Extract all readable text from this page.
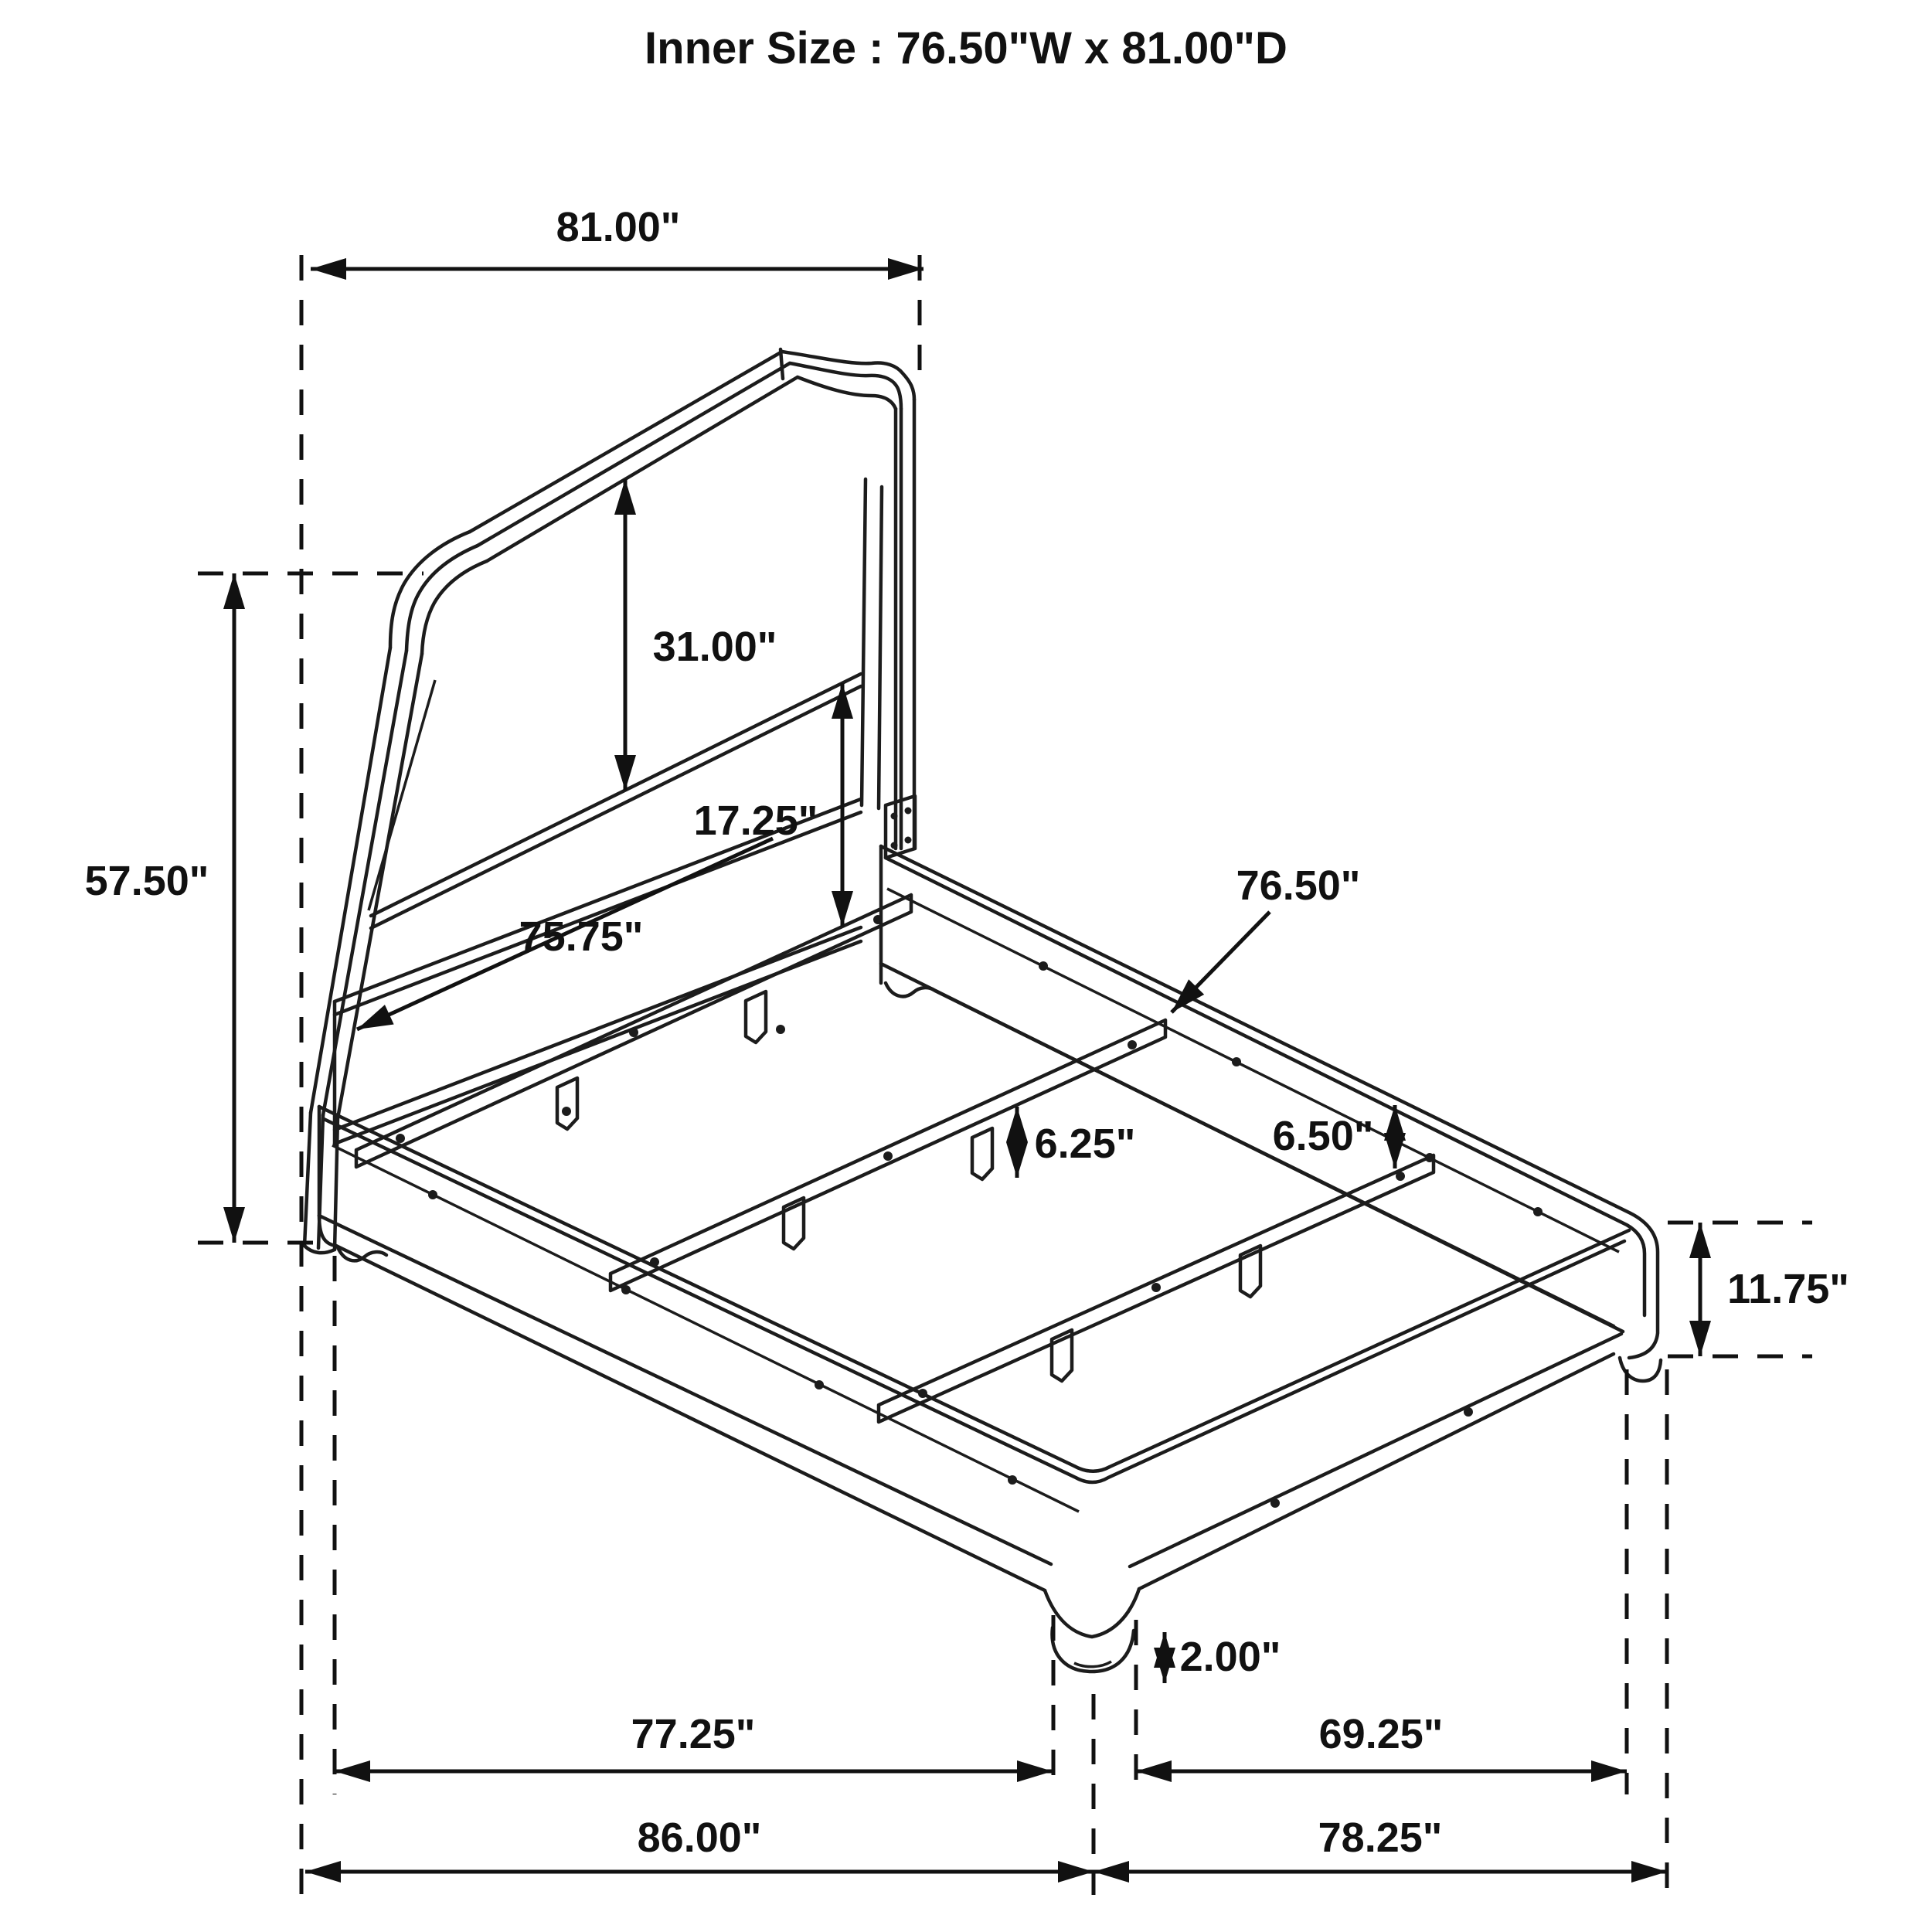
Inner Size : 76.50"W x 81.00"D
81.00"
57.50"
31.00"
17.25"
75.75"
76.50"
6.50"
6.25"
11.75"
2.00"
77.25"	69.25"
86.00"	78.25"
